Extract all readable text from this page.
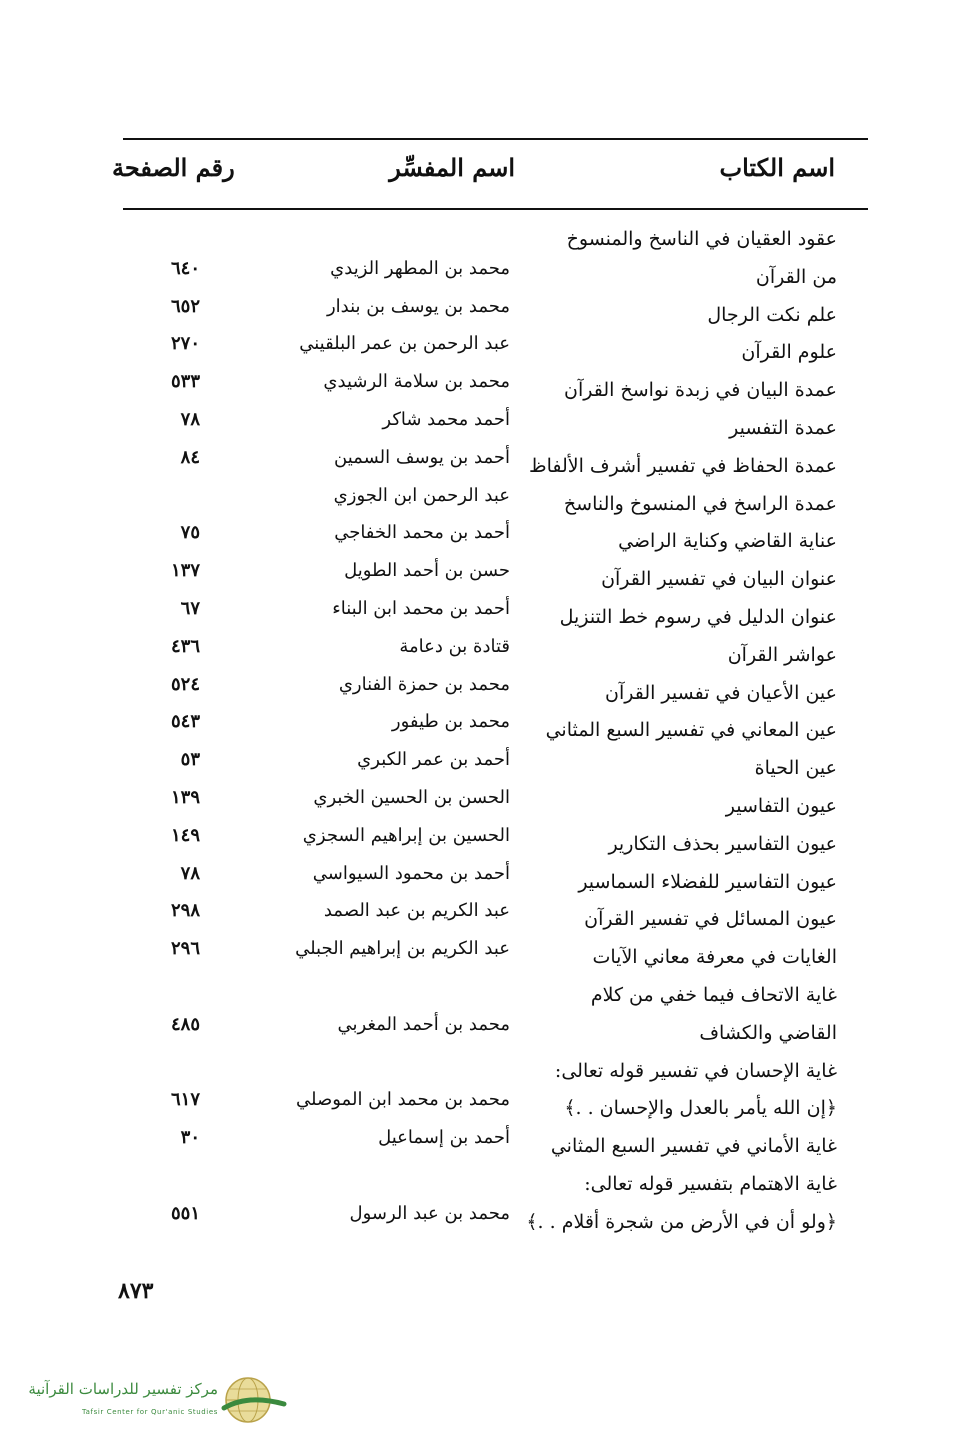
اسم الكتاب
اسم المفسِّر
رقم الصفحة
عقود العقيان في الناسخ والمنسوخ
من القرآن
محمد بن المطهر الزيدي
٦٤٠
علم نكت الرجال
محمد بن يوسف بن بندار
٦٥٢
علوم القرآن
عبد الرحمن بن عمر البلقيني
٢٧٠
عمدة البيان في زبدة نواسخ القرآن
محمد بن سلامة الرشيدي
٥٣٣
عمدة التفسير
أحمد محمد شاكر
٧٨
عمدة الحفاظ في تفسير أشرف الألفاظ
أحمد بن يوسف السمين
٨٤
عمدة الراسخ في المنسوخ والناسخ
عبد الرحمن ابن الجوزي
عناية القاضي وكناية الراضي
أحمد بن محمد الخفاجي
٧٥
عنوان البيان في تفسير القرآن
حسن بن أحمد الطويل
١٣٧
عنوان الدليل في رسوم خط التنزيل
أحمد بن محمد ابن البناء
٦٧
عواشر القرآن
قتادة بن دعامة
٤٣٦
عين الأعيان في تفسير القرآن
محمد بن حمزة الفناري
٥٢٤
عين المعاني في تفسير السبع المثاني
محمد بن طيفور
٥٤٣
عين الحياة
أحمد بن عمر الكبري
٥٣
عيون التفاسير
الحسن بن الحسين الخبري
١٣٩
عيون التفاسير بحذف التكارير
الحسين بن إبراهيم السجزي
١٤٩
عيون التفاسير للفضلاء السماسير
أحمد بن محمود السيواسي
٧٨
عيون المسائل في تفسير القرآن
عبد الكريم بن عبد الصمد
٢٩٨
الغايات في معرفة معاني الآيات
عبد الكريم بن إبراهيم الجبلي
٢٩٦
غاية الاتحاف فيما خفي من كلام
القاضي والكشاف
محمد بن أحمد المغربي
٤٨٥
غاية الإحسان في تفسير قوله تعالى:
﴿إن الله يأمر بالعدل والإحسان . .﴾
محمد بن محمد ابن الموصلي
٦١٧
غاية الأماني في تفسير السبع المثاني
أحمد بن إسماعيل
٣٠
غاية الاهتمام بتفسير قوله تعالى:
﴿ولو أن في الأرض من شجرة أقلام . .﴾
محمد بن عبد الرسول
٥٥١
٨٧٣
مركز تفسير للدراسات القرآنية
Tafsir Center for Qur'anic Studies
